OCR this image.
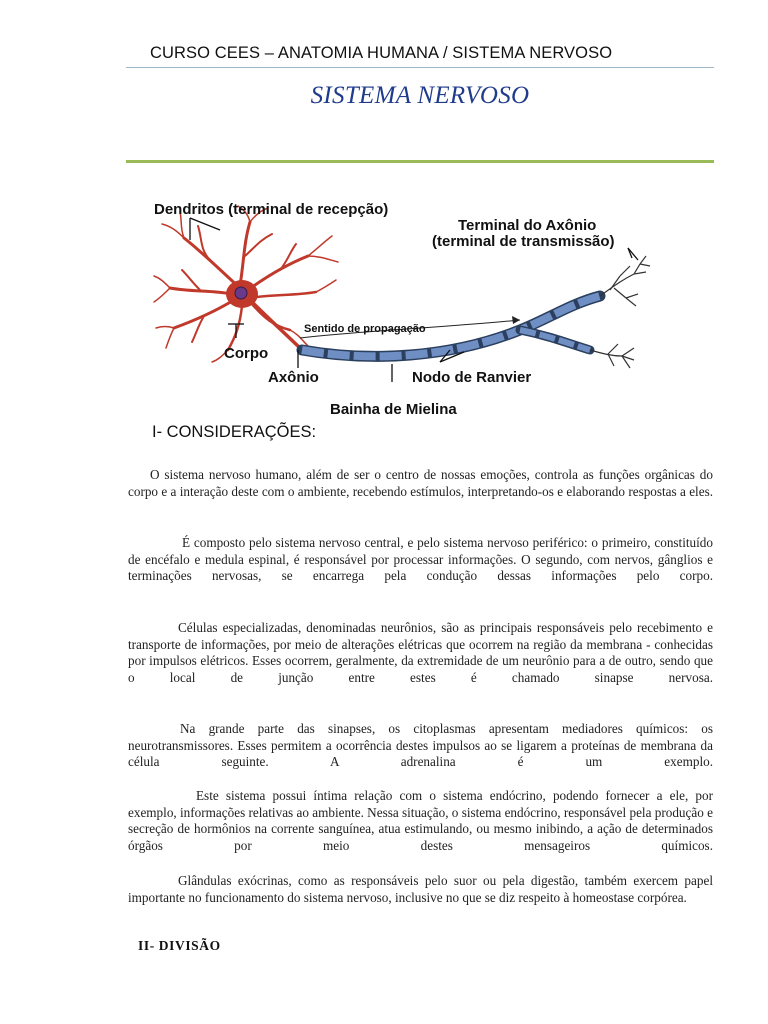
CURSO CEES – ANATOMIA HUMANA / SISTEMA NERVOSO
SISTEMA NERVOSO
Dendritos (terminal de recepção)
Terminal do Axônio
(terminal de transmissão)
Sentido de propagação
Corpo
Axônio	Nodo de Ranvier
Bainha de Mielina
I- CONSIDERAÇÕES:

O sistema nervoso humano, além de ser o centro de nossas emoções, controla as funções orgânicas do corpo e a interação deste com o ambiente, recebendo estímulos, interpretando-os e elaborando respostas a eles.

É composto pelo sistema nervoso central, e pelo sistema nervoso periférico: o primeiro, constituído de encéfalo e medula espinal, é responsável por processar informações. O segundo, com nervos, gânglios e terminações nervosas, se encarrega pela condução dessas informações pelo corpo.

Células especializadas, denominadas neurônios, são as principais responsáveis pelo recebimento e transporte de informações, por meio de alterações elétricas que ocorrem na região da membrana - conhecidas por impulsos elétricos. Esses ocorrem, geralmente, da extremidade de um neurônio para a de outro, sendo que o local de junção entre estes é chamado sinapse nervosa.

Na grande parte das sinapses, os citoplasmas apresentam mediadores químicos: os neurotransmissores. Esses permitem a ocorrência destes impulsos ao se ligarem a proteínas de membrana da célula seguinte. A adrenalina é um exemplo.

Este sistema possui íntima relação com o sistema endócrino, podendo fornecer a ele, por exemplo, informações relativas ao ambiente. Nessa situação, o sistema endócrino, responsável pela produção e secreção de hormônios na corrente sanguínea, atua estimulando, ou mesmo inibindo, a ação de determinados órgãos por meio destes mensageiros químicos.

Glândulas exócrinas, como as responsáveis pelo suor ou pela digestão, também exercem papel importante no funcionamento do sistema nervoso, inclusive no que se diz respeito à homeostase corpórea.

II- DIVISÃO
